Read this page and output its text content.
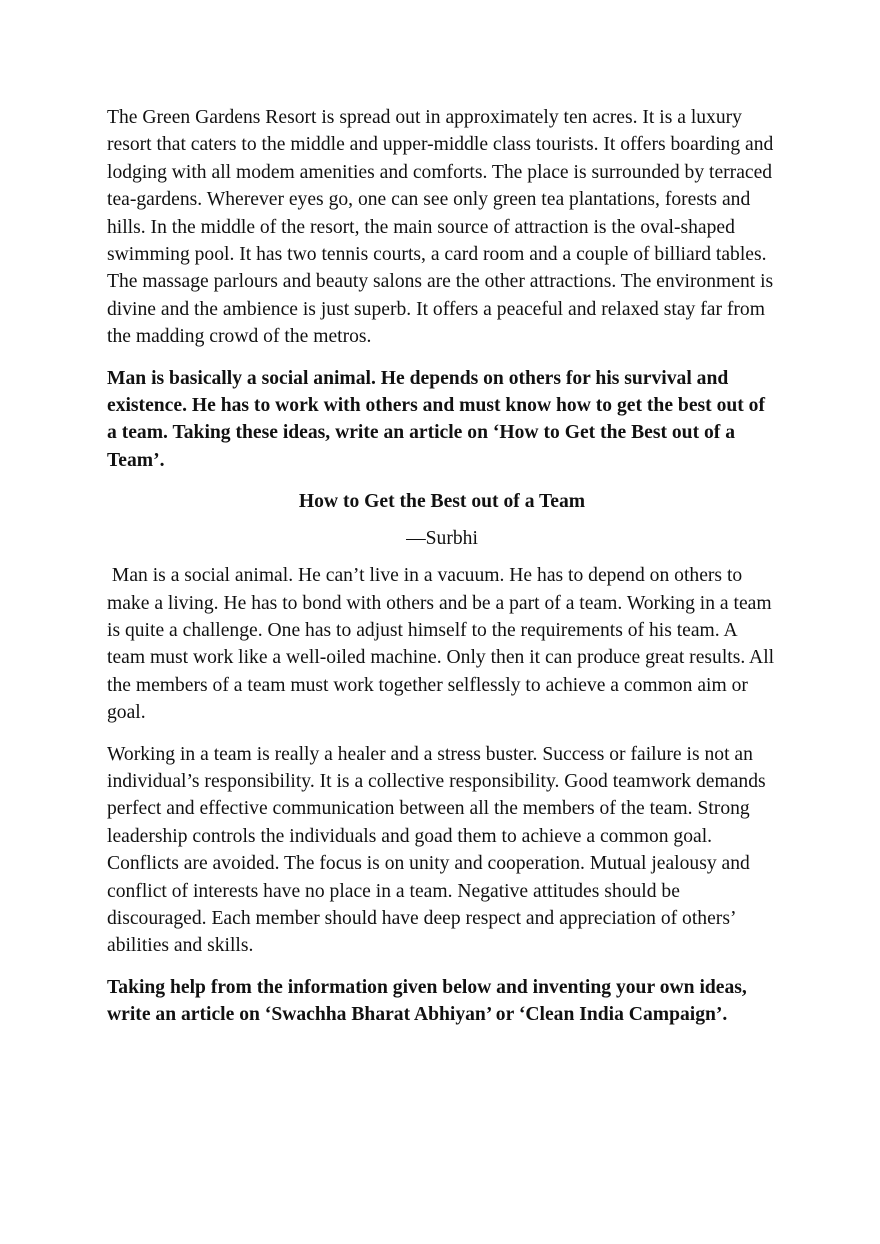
The Green Gardens Resort is spread out in approximately ten acres. It is a luxury resort that caters to the middle and upper-middle class tourists. It offers boarding and lodging with all modem amenities and comforts. The place is surrounded by terraced tea-gardens. Wherever eyes go, one can see only green tea plantations, forests and hills. In the middle of the resort, the main source of attraction is the oval-shaped swimming pool. It has two tennis courts, a card room and a couple of billiard tables. The massage parlours and beauty salons are the other attractions. The environment is divine and the ambience is just superb. It offers a peaceful and relaxed stay far from the madding crowd of the metros.

Man is basically a social animal. He depends on others for his survival and existence. He has to work with others and must know how to get the best out of a team. Taking these ideas, write an article on ‘How to Get the Best out of a Team’.

How to Get the Best out of a Team

—Surbhi

Man is a social animal. He can’t live in a vacuum. He has to depend on others to make a living. He has to bond with others and be a part of a team. Working in a team is quite a challenge. One has to adjust himself to the requirements of his team. A team must work like a well-oiled machine. Only then it can produce great results. All the members of a team must work together selflessly to achieve a common aim or goal.

Working in a team is really a healer and a stress buster. Success or failure is not an individual’s responsibility. It is a collective responsibility. Good teamwork demands perfect and effective communication between all the members of the team. Strong leadership controls the individuals and goad them to achieve a common goal. Conflicts are avoided. The focus is on unity and cooperation. Mutual jealousy and conflict of interests have no place in a team. Negative attitudes should be discouraged. Each member should have deep respect and appreciation of others’ abilities and skills.

Taking help from the information given below and inventing your own ideas, write an article on ‘Swachha Bharat Abhiyan’ or ‘Clean India Campaign’.
